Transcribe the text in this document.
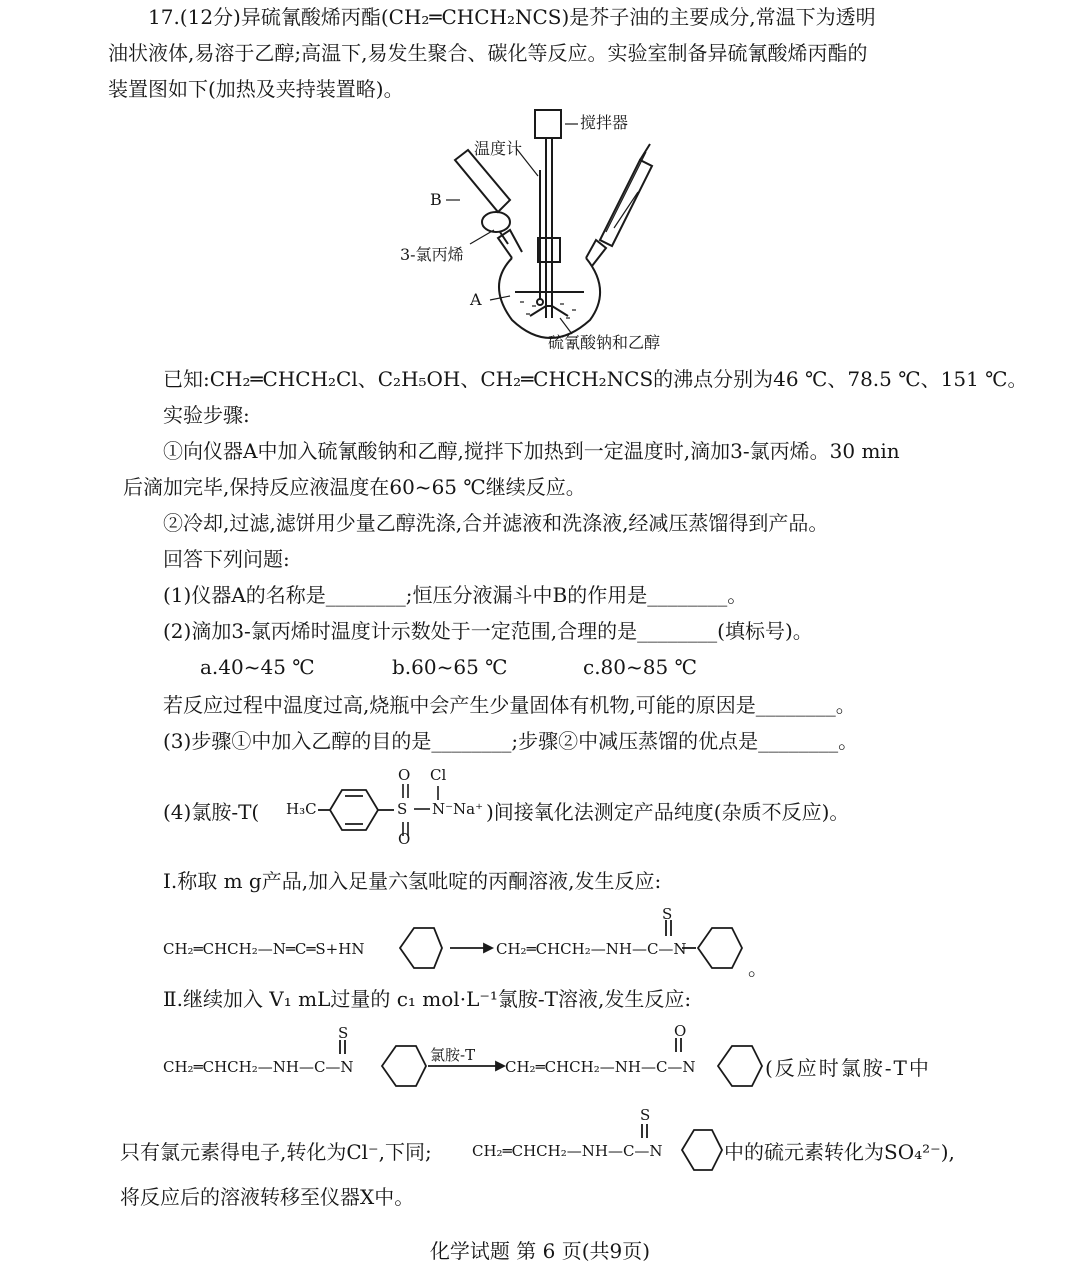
17.(12分)异硫氰酸烯丙酯(CH₂═CHCH₂NCS)是芥子油的主要成分,常温下为透明
油状液体,易溶于乙醇;高温下,易发生聚合、碳化等反应。实验室制备异硫氰酸烯丙酯的
装置图如下(加热及夹持装置略)。
搅拌器
温度计
B
3-氯丙烯
A
硫氰酸钠和乙醇
已知:CH₂═CHCH₂Cl、C₂H₅OH、CH₂═CHCH₂NCS的沸点分别为46 ℃、78.5 ℃、151 ℃。
实验步骤:
①向仪器A中加入硫氰酸钠和乙醇,搅拌下加热到一定温度时,滴加3-氯丙烯。30 min
后滴加完毕,保持反应液温度在60~65 ℃继续反应。
②冷却,过滤,滤饼用少量乙醇洗涤,合并滤液和洗涤液,经减压蒸馏得到产品。
回答下列问题:
(1)仪器A的名称是________;恒压分液漏斗中B的作用是________。
(2)滴加3-氯丙烯时温度计示数处于一定范围,合理的是________(填标号)。
a.40~45 ℃	b.60~65 ℃	c.80~85 ℃
若反应过程中温度过高,烧瓶中会产生少量固体有机物,可能的原因是________。
(3)步骤①中加入乙醇的目的是________;步骤②中减压蒸馏的优点是________。
(4)氯胺-T( H₃C	S
O
O
Cl
N⁻Na⁺ )间接氧化法测定产品纯度(杂质不反应)。
Ⅰ.称取 m g产品,加入足量六氢吡啶的丙酮溶液,发生反应:
CH₂═CHCH₂—N═C═S+HN	CH₂═CHCH₂—NH—C—N
S
。
Ⅱ.继续加入 V₁ mL过量的 c₁ mol·L⁻¹氯胺-T溶液,发生反应:
CH₂═CHCH₂—NH—C—N
S
氯胺-T
CH₂═CHCH₂—NH—C—N
O
(反应时氯胺-T中
只有氯元素得电子,转化为Cl⁻,下同;	CH₂═CHCH₂—NH—C—N
S
中的硫元素转化为SO₄²⁻),
将反应后的溶液转移至仪器X中。
化学试题 第 6 页(共9页)
